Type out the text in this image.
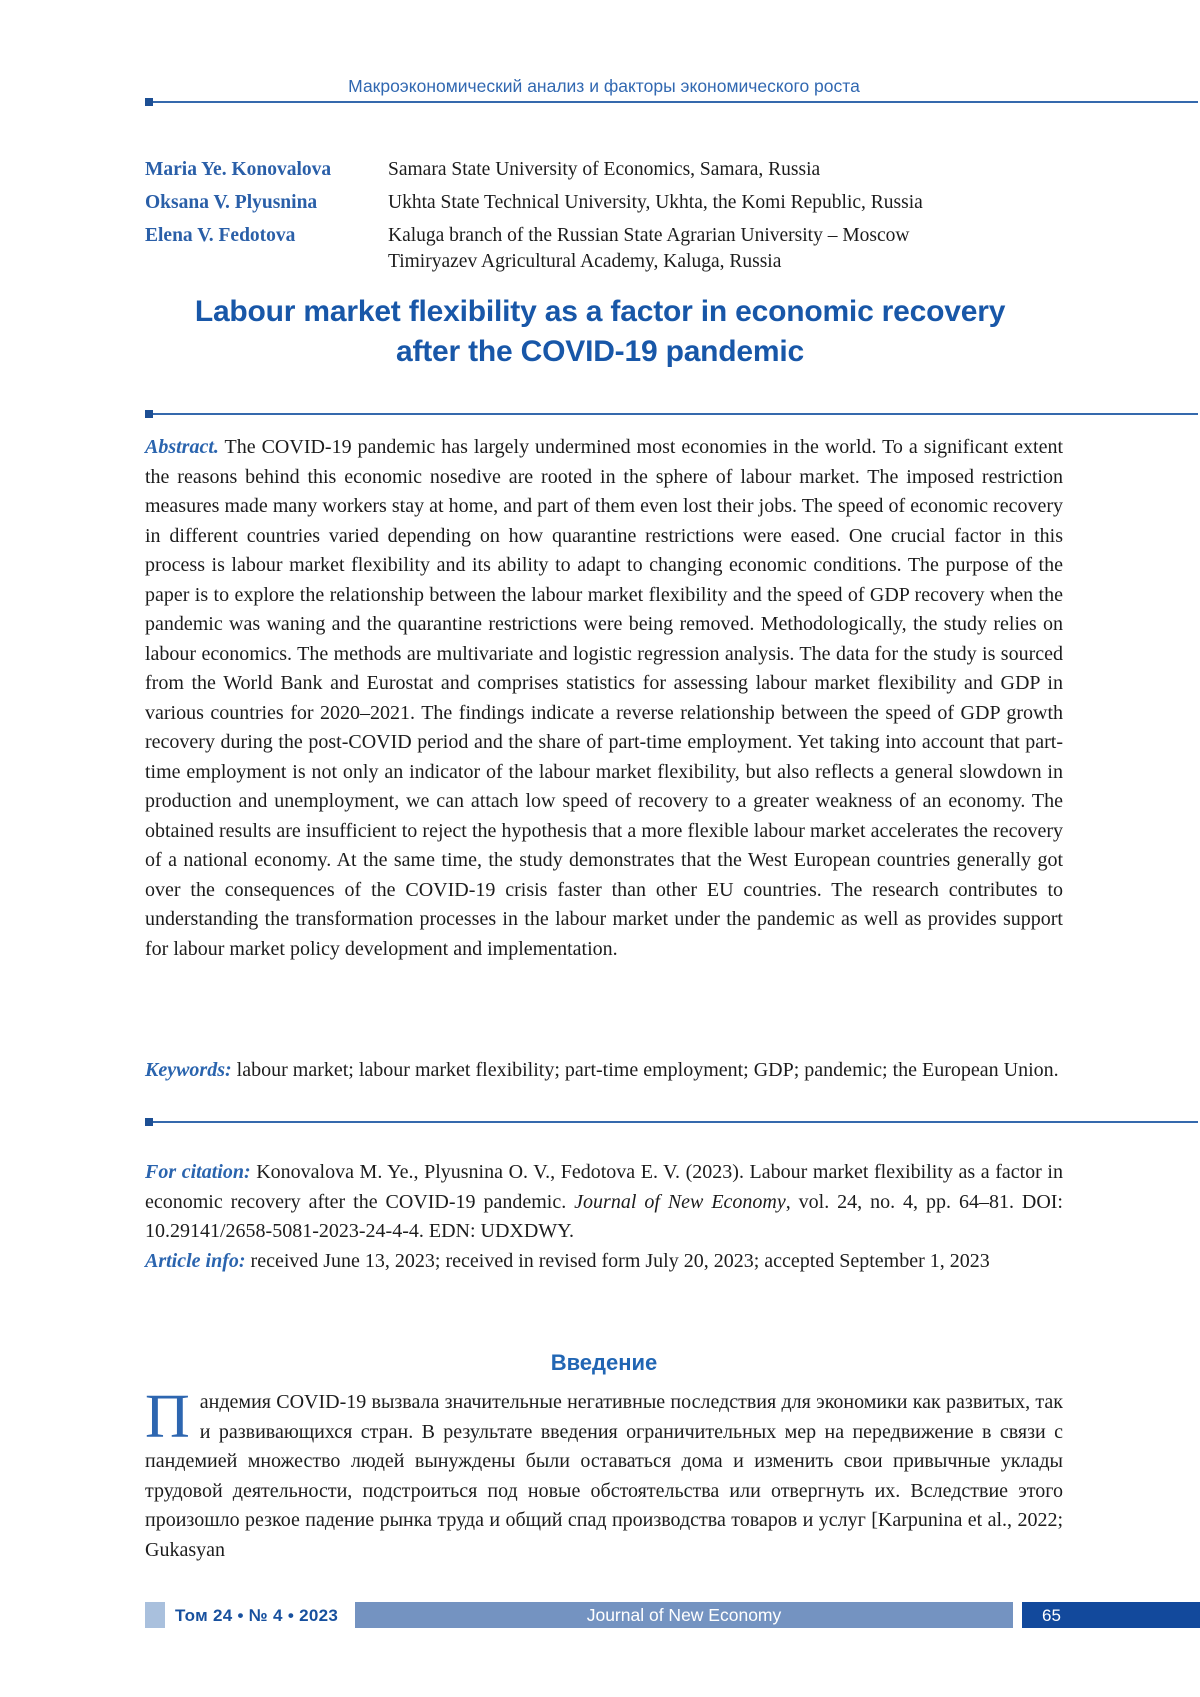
Макроэкономический анализ и факторы экономического роста
Maria Ye. Konovalova	Samara State University of Economics, Samara, Russia
Oksana V. Plyusnina	Ukhta State Technical University, Ukhta, the Komi Republic, Russia
Elena V. Fedotova	Kaluga branch of the Russian State Agrarian University – Moscow Timiryazev Agricultural Academy, Kaluga, Russia
Labour market flexibility as a factor in economic recovery after the COVID-19 pandemic

Abstract. The COVID-19 pandemic has largely undermined most economies in the world. To a significant extent the reasons behind this economic nosedive are rooted in the sphere of labour market. The imposed restriction measures made many workers stay at home, and part of them even lost their jobs. The speed of economic recovery in different countries varied depending on how quarantine restrictions were eased. One crucial factor in this process is labour market flexibility and its ability to adapt to changing economic conditions. The purpose of the paper is to explore the relationship between the labour market flexibility and the speed of GDP recovery when the pandemic was waning and the quarantine restrictions were being removed. Methodologically, the study relies on labour economics. The methods are multivariate and logistic regression analysis. The data for the study is sourced from the World Bank and Eurostat and comprises statistics for assessing labour market flexibility and GDP in various countries for 2020–2021. The findings indicate a reverse relationship between the speed of GDP growth recovery during the post-COVID period and the share of part-time employment. Yet taking into account that part-time employment is not only an indicator of the labour market flexibility, but also reflects a general slowdown in production and unemployment, we can attach low speed of recovery to a greater weakness of an economy. The obtained results are insufficient to reject the hypothesis that a more flexible labour market accelerates the recovery of a national economy. At the same time, the study demonstrates that the West European countries generally got over the consequences of the COVID-19 crisis faster than other EU countries. The research contributes to understanding the transformation processes in the labour market under the pandemic as well as provides support for labour market policy development and implementation.

Keywords: labour market; labour market flexibility; part-time employment; GDP; pandemic; the European Union.

For citation: Konovalova M. Ye., Plyusnina O. V., Fedotova E. V. (2023). Labour market flexibility as a factor in economic recovery after the COVID-19 pandemic. Journal of New Economy, vol. 24, no. 4, pp. 64–81. DOI: 10.29141/2658-5081-2023-24-4-4. EDN: UDXDWY.

Article info: received June 13, 2023; received in revised form July 20, 2023; accepted September 1, 2023

Введение

П андемия COVID-19 вызвала значительные негативные последствия для экономики как развитых, так и развивающихся стран. В результате введения ограничительных мер на передвижение в связи с пандемией множество людей вынуждены были оставаться дома и изменить свои привычные уклады трудовой деятельности, подстроиться под новые обстоятельства или отвергнуть их. Вследствие этого произошло резкое падение рынка труда и общий спад производства товаров и услуг [Karpunina et al., 2022; Gukasyan

Том 24 • № 4 • 2023	Journal of New Economy	65
